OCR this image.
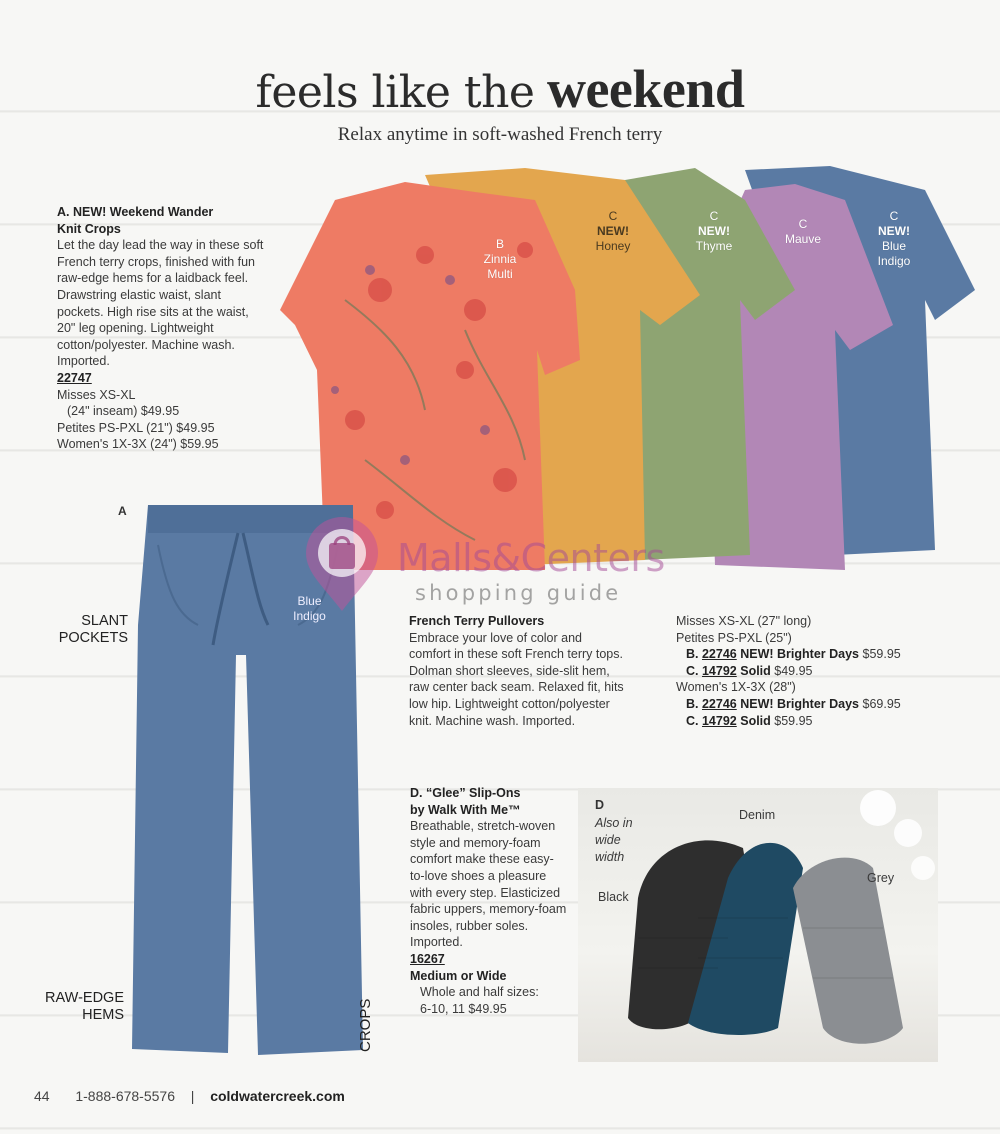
feels like the weekend
Relax anytime in soft-washed French terry
A. NEW! Weekend Wander
Knit Crops
Let the day lead the way in these soft French terry crops, finished with fun raw-edge hems for a laidback feel. Drawstring elastic waist, slant pockets. High rise sits at the waist, 20" leg opening. Lightweight cotton/polyester. Machine wash. Imported.
22747
Misses XS-XL
(24" inseam) $49.95
Petites PS-PXL (21") $49.95
Women's 1X-3X (24") $59.95
B
Zinnia
Multi
C
NEW!
Honey
C
NEW!
Thyme
C
Mauve
C
NEW!
Blue
Indigo
A
Blue
Indigo
SLANT
POCKETS
RAW-EDGE
HEMS	CROPS
Malls&Centers
shopping guide
French Terry Pullovers
Embrace your love of color and comfort in these soft French terry tops. Dolman short sleeves, side-slit hem, raw center back seam. Relaxed fit, hits low hip. Lightweight cotton/polyester knit. Machine wash. Imported.
Misses XS-XL (27" long)
Petites PS-PXL (25")
B. 22746 NEW! Brighter Days $59.95
C. 14792 Solid $49.95
Women's 1X-3X (28")
B. 22746 NEW! Brighter Days $69.95
C. 14792 Solid $59.95
D. “Glee” Slip-Ons
by Walk With Me™
Breathable, stretch-woven style and memory-foam comfort make these easy-to-love shoes a pleasure with every step. Elasticized fabric uppers, memory-foam insoles, rubber soles. Imported.
16267
Medium or Wide
Whole and half sizes:
6-10, 11 $49.95
D
Also in
wide
width
Black
Denim
Grey
44 1-888-678-5576 | coldwatercreek.com
